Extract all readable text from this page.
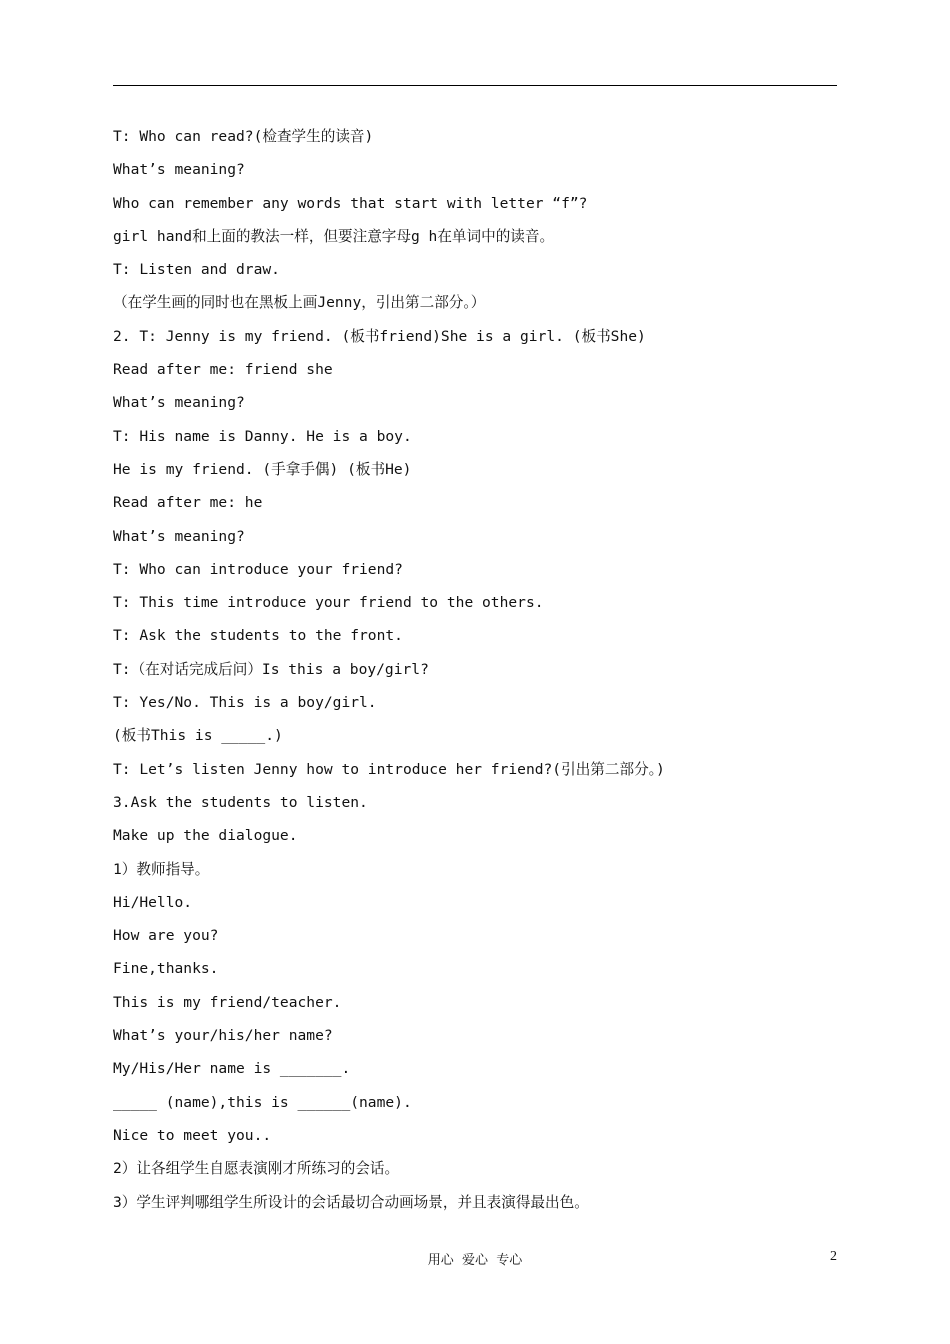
T: Who can read?(检查学生的读音)
What’s meaning?
Who can remember any words that start with letter “f”?
girl hand和上面的教法一样，但要注意字母g h在单词中的读音。
T: Listen and draw.
（在学生画的同时也在黑板上画Jenny，引出第二部分。）
2. T: Jenny is my friend. (板书friend)She is a girl. (板书She)
Read after me: friend she
What’s meaning?
T: His name is Danny. He is a boy.
He is my friend. (手拿手偶) (板书He)
Read after me: he
What’s meaning?
T: Who can introduce your friend?
T: This time introduce your friend to the others.
T: Ask the students to the front.
T:（在对话完成后问）Is this a boy/girl?
T: Yes/No. This is a boy/girl.
(板书This is _____.)
T: Let’s listen Jenny how to introduce her friend?(引出第二部分。)
3.Ask the students to listen.
Make up the dialogue.
1）教师指导。
Hi/Hello.
How are you?
Fine,thanks.
This is my friend/teacher.
What’s your/his/her name?
My/His/Her name is _______.
_____ (name),this is ______(name).
Nice to meet you..
2）让各组学生自愿表演刚才所练习的会话。
3）学生评判哪组学生所设计的会话最切合动画场景，并且表演得最出色。
用心  爱心  专心	2
